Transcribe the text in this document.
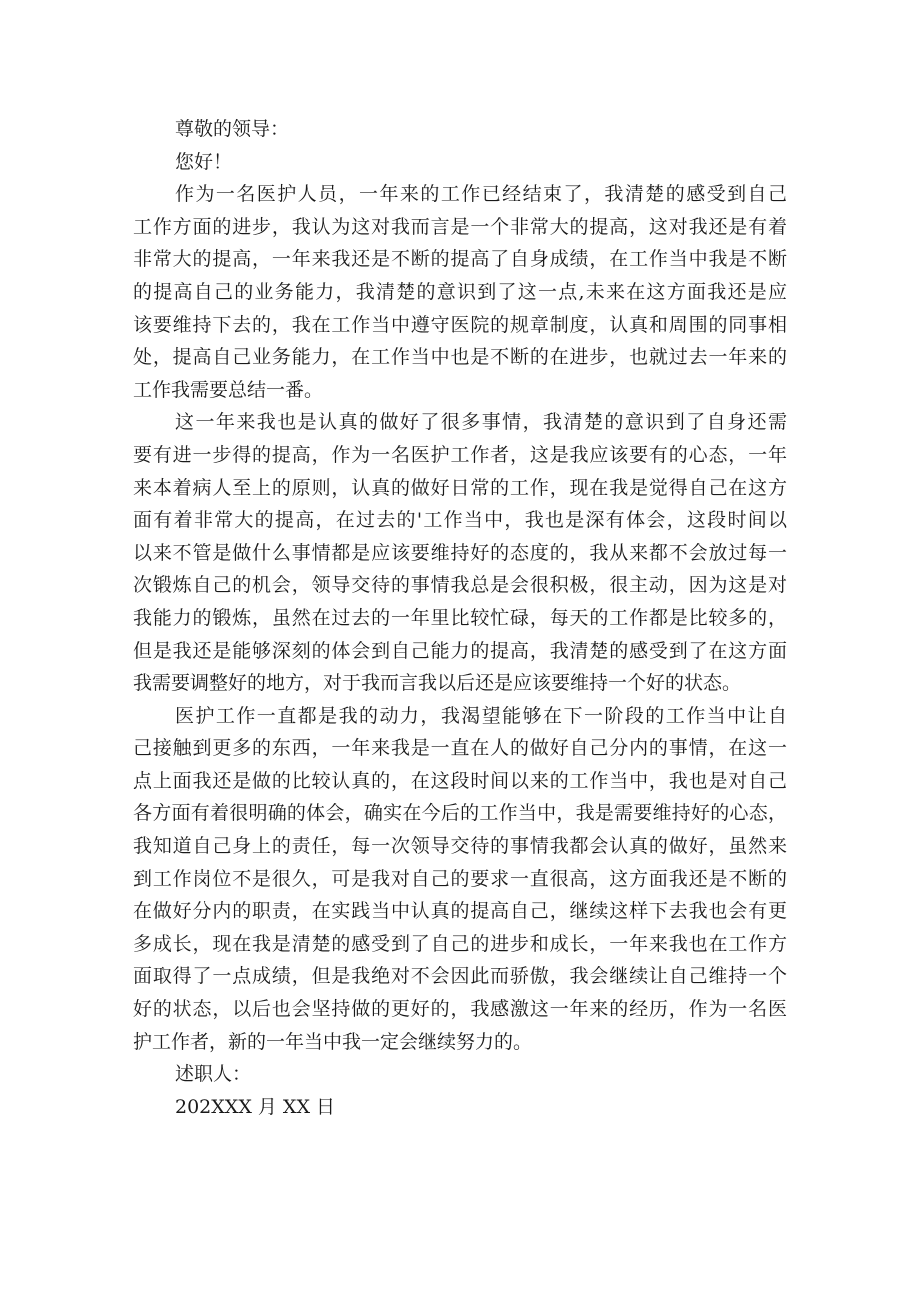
尊敬的领导：

您好！

作为一名医护人员，一年来的工作已经结束了，我清楚的感受到自己

工作方面的进步，我认为这对我而言是一个非常大的提高，这对我还是有着

非常大的提高，一年来我还是不断的提高了自身成绩，在工作当中我是不断

的提高自己的业务能力，我清楚的意识到了这一点,未来在这方面我还是应

该要维持下去的，我在工作当中遵守医院的规章制度，认真和周围的同事相

处，提高自己业务能力，在工作当中也是不断的在进步，也就过去一年来的

工作我需要总结一番。

这一年来我也是认真的做好了很多事情，我清楚的意识到了自身还需

要有进一步得的提高，作为一名医护工作者，这是我应该要有的心态，一年

来本着病人至上的原则，认真的做好日常的工作，现在我是觉得自己在这方

面有着非常大的提高，在过去的'工作当中，我也是深有体会，这段时间以

以来不管是做什么事情都是应该要维持好的态度的，我从来都不会放过每一

次锻炼自己的机会，领导交待的事情我总是会很积极，很主动，因为这是对

我能力的锻炼，虽然在过去的一年里比较忙碌，每天的工作都是比较多的，

但是我还是能够深刻的体会到自己能力的提高，我清楚的感受到了在这方面

我需要调整好的地方，对于我而言我以后还是应该要维持一个好的状态。

医护工作一直都是我的动力，我渴望能够在下一阶段的工作当中让自

己接触到更多的东西，一年来我是一直在人的做好自己分内的事情，在这一

点上面我还是做的比较认真的，在这段时间以来的工作当中，我也是对自己

各方面有着很明确的体会，确实在今后的工作当中，我是需要维持好的心态，

我知道自己身上的责任，每一次领导交待的事情我都会认真的做好，虽然来

到工作岗位不是很久，可是我对自己的要求一直很高，这方面我还是不断的

在做好分内的职责，在实践当中认真的提高自己，继续这样下去我也会有更

多成长，现在我是清楚的感受到了自己的进步和成长，一年来我也在工作方

面取得了一点成绩，但是我绝对不会因此而骄傲，我会继续让自己维持一个

好的状态，以后也会坚持做的更好的，我感激这一年来的经历，作为一名医

护工作者，新的一年当中我一定会继续努力的。

述职人：

202XXX 月 XX 日
